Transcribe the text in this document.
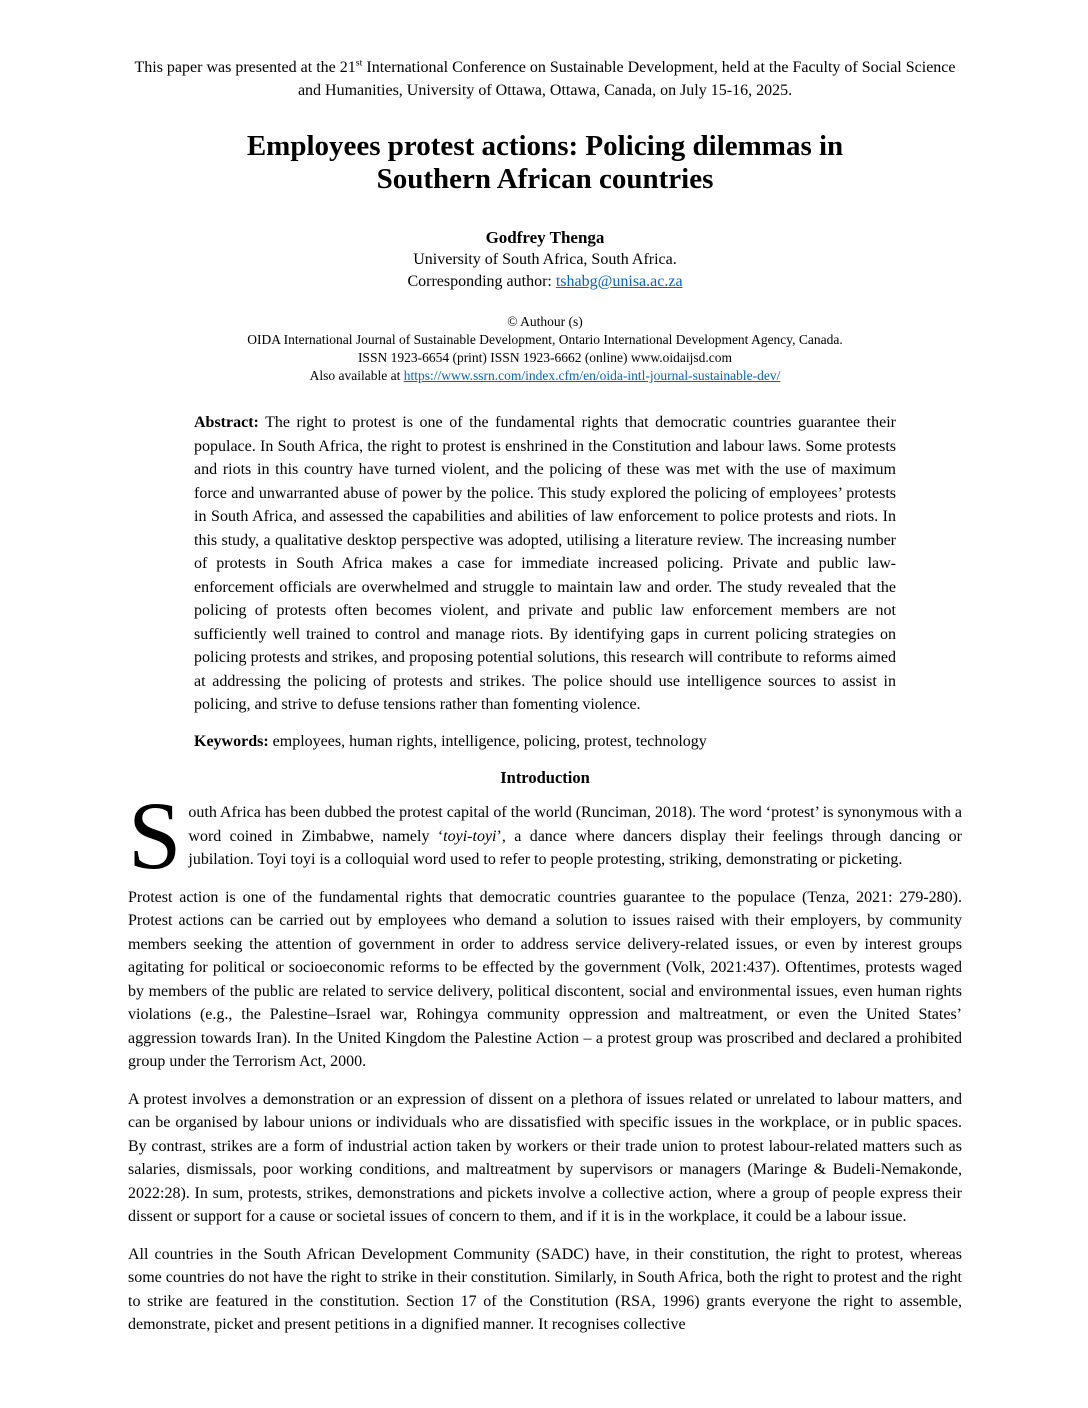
This paper was presented at the 21st International Conference on Sustainable Development, held at the Faculty of Social Science and Humanities, University of Ottawa, Ottawa, Canada, on July 15-16, 2025.

Employees protest actions: Policing dilemmas in
Southern African countries

Godfrey Thenga

University of South Africa, South Africa.

Corresponding author: tshabg@unisa.ac.za

© Authour (s)

OIDA International Journal of Sustainable Development, Ontario International Development Agency, Canada.

ISSN 1923-6654 (print) ISSN 1923-6662 (online) www.oidaijsd.com

Also available at https://www.ssrn.com/index.cfm/en/oida-intl-journal-sustainable-dev/

Abstract: The right to protest is one of the fundamental rights that democratic countries guarantee their populace. In South Africa, the right to protest is enshrined in the Constitution and labour laws. Some protests and riots in this country have turned violent, and the policing of these was met with the use of maximum force and unwarranted abuse of power by the police. This study explored the policing of employees’ protests in South Africa, and assessed the capabilities and abilities of law enforcement to police protests and riots. In this study, a qualitative desktop perspective was adopted, utilising a literature review. The increasing number of protests in South Africa makes a case for immediate increased policing. Private and public law-enforcement officials are overwhelmed and struggle to maintain law and order. The study revealed that the policing of protests often becomes violent, and private and public law enforcement members are not sufficiently well trained to control and manage riots. By identifying gaps in current policing strategies on policing protests and strikes, and proposing potential solutions, this research will contribute to reforms aimed at addressing the policing of protests and strikes. The police should use intelligence sources to assist in policing, and strive to defuse tensions rather than fomenting violence.

Keywords: employees, human rights, intelligence, policing, protest, technology

Introduction

South Africa has been dubbed the protest capital of the world (Runciman, 2018). The word ‘protest’ is synonymous with a word coined in Zimbabwe, namely ‘toyi-toyi’, a dance where dancers display their feelings through dancing or jubilation. Toyi toyi is a colloquial word used to refer to people protesting, striking, demonstrating or picketing.

Protest action is one of the fundamental rights that democratic countries guarantee to the populace (Tenza, 2021: 279-280). Protest actions can be carried out by employees who demand a solution to issues raised with their employers, by community members seeking the attention of government in order to address service delivery-related issues, or even by interest groups agitating for political or socioeconomic reforms to be effected by the government (Volk, 2021:437). Oftentimes, protests waged by members of the public are related to service delivery, political discontent, social and environmental issues, even human rights violations (e.g., the Palestine–Israel war, Rohingya community oppression and maltreatment, or even the United States’ aggression towards Iran). In the United Kingdom the Palestine Action – a protest group was proscribed and declared a prohibited group under the Terrorism Act, 2000.

A protest involves a demonstration or an expression of dissent on a plethora of issues related or unrelated to labour matters, and can be organised by labour unions or individuals who are dissatisfied with specific issues in the workplace, or in public spaces. By contrast, strikes are a form of industrial action taken by workers or their trade union to protest labour-related matters such as salaries, dismissals, poor working conditions, and maltreatment by supervisors or managers (Maringe & Budeli-Nemakonde, 2022:28). In sum, protests, strikes, demonstrations and pickets involve a collective action, where a group of people express their dissent or support for a cause or societal issues of concern to them, and if it is in the workplace, it could be a labour issue.

All countries in the South African Development Community (SADC) have, in their constitution, the right to protest, whereas some countries do not have the right to strike in their constitution. Similarly, in South Africa, both the right to protest and the right to strike are featured in the constitution. Section 17 of the Constitution (RSA, 1996) grants everyone the right to assemble, demonstrate, picket and present petitions in a dignified manner. It recognises collective
